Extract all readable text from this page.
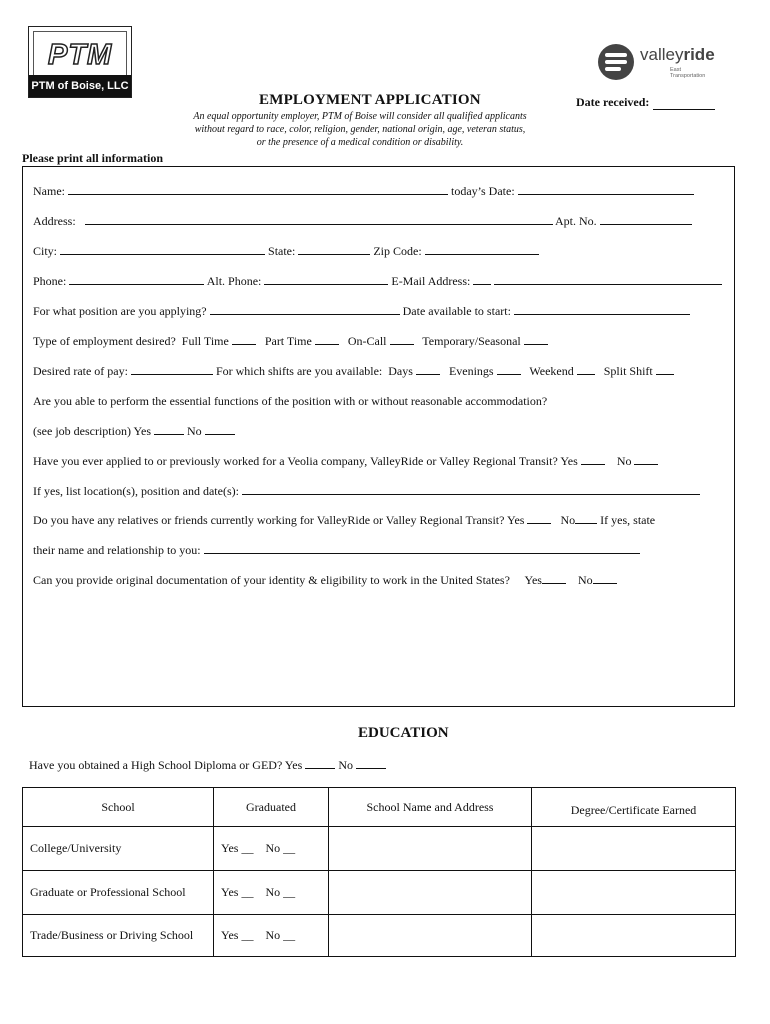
PTM
PTM of Boise, LLC
valleyride
East
Transportation
EMPLOYMENT APPLICATION	Date received:
An equal opportunity employer, PTM of Boise will consider all qualified applicants
without regard to race, color, religion, gender, national origin, age, veteran status,
or the presence of a medical condition or disability.
Please print all information
Name:	today’s Date:
Address:	Apt. No.
City:	State:	Zip Code:
Phone:	Alt. Phone:	E-Mail Address:
For what position are you applying?	Date available to start:
Type of employment desired? Full Time	Part Time	On-Call	Temporary/Seasonal
Desired rate of pay:	For which shifts are you available: Days	Evenings	Weekend	Split Shift
Are you able to perform the essential functions of the position with or without reasonable accommodation?
(see job description) Yes	No
Have you ever applied to or previously worked for a Veolia company, ValleyRide or Valley Regional Transit? Yes	No
If yes, list location(s), position and date(s):
Do you have any relatives or friends currently working for ValleyRide or Valley Regional Transit? Yes	No If yes, state
their name and relationship to you:
Can you provide original documentation of your identity & eligibility to work in the United States? Yes	No
EDUCATION
Have you obtained a High School Diploma or GED? Yes	No
School	Graduated	School Name and Address	Degree/Certificate Earned
College/University	Yes __ No __		
Graduate or Professional School	Yes __ No __		
Trade/Business or Driving School	Yes __ No __		
